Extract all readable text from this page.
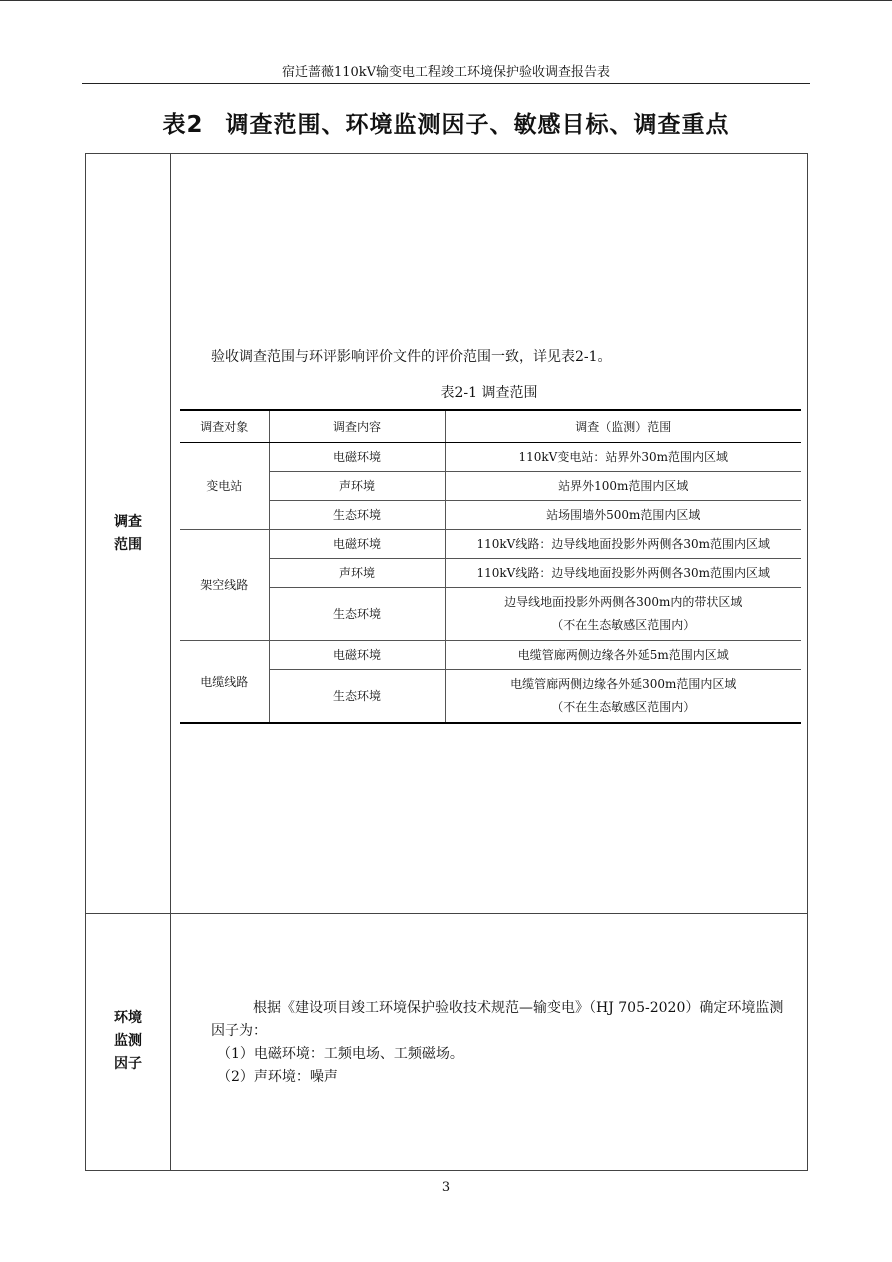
宿迁蔷薇110kV输变电工程竣工环境保护验收调查报告表
表2 调查范围、环境监测因子、敏感目标、调查重点
调查
范围
验收调查范围与环评影响评价文件的评价范围一致，详见表2-1。
表2-1 调查范围
调查对象	调查内容	调查（监测）范围
变电站	电磁环境	110kV变电站：站界外30m范围内区域
	声环境	站界外100m范围内区域
	生态环境	站场围墙外500m范围内区域
架空线路	电磁环境	110kV线路：边导线地面投影外两侧各30m范围内区域
	声环境	110kV线路：边导线地面投影外两侧各30m范围内区域
	生态环境	边导线地面投影外两侧各300m内的带状区域
（不在生态敏感区范围内）

电缆线路	电磁环境	电缆管廊两侧边缘各外延5m范围内区域
	生态环境	电缆管廊两侧边缘各外延300m范围内区域
（不在生态敏感区范围内）
环境
监测
因子

根据《建设项目竣工环境保护验收技术规范—输变电》（HJ 705-2020）确定环境监测

因子为：

（1）电磁环境：工频电场、工频磁场。

（2）声环境：噪声

3
